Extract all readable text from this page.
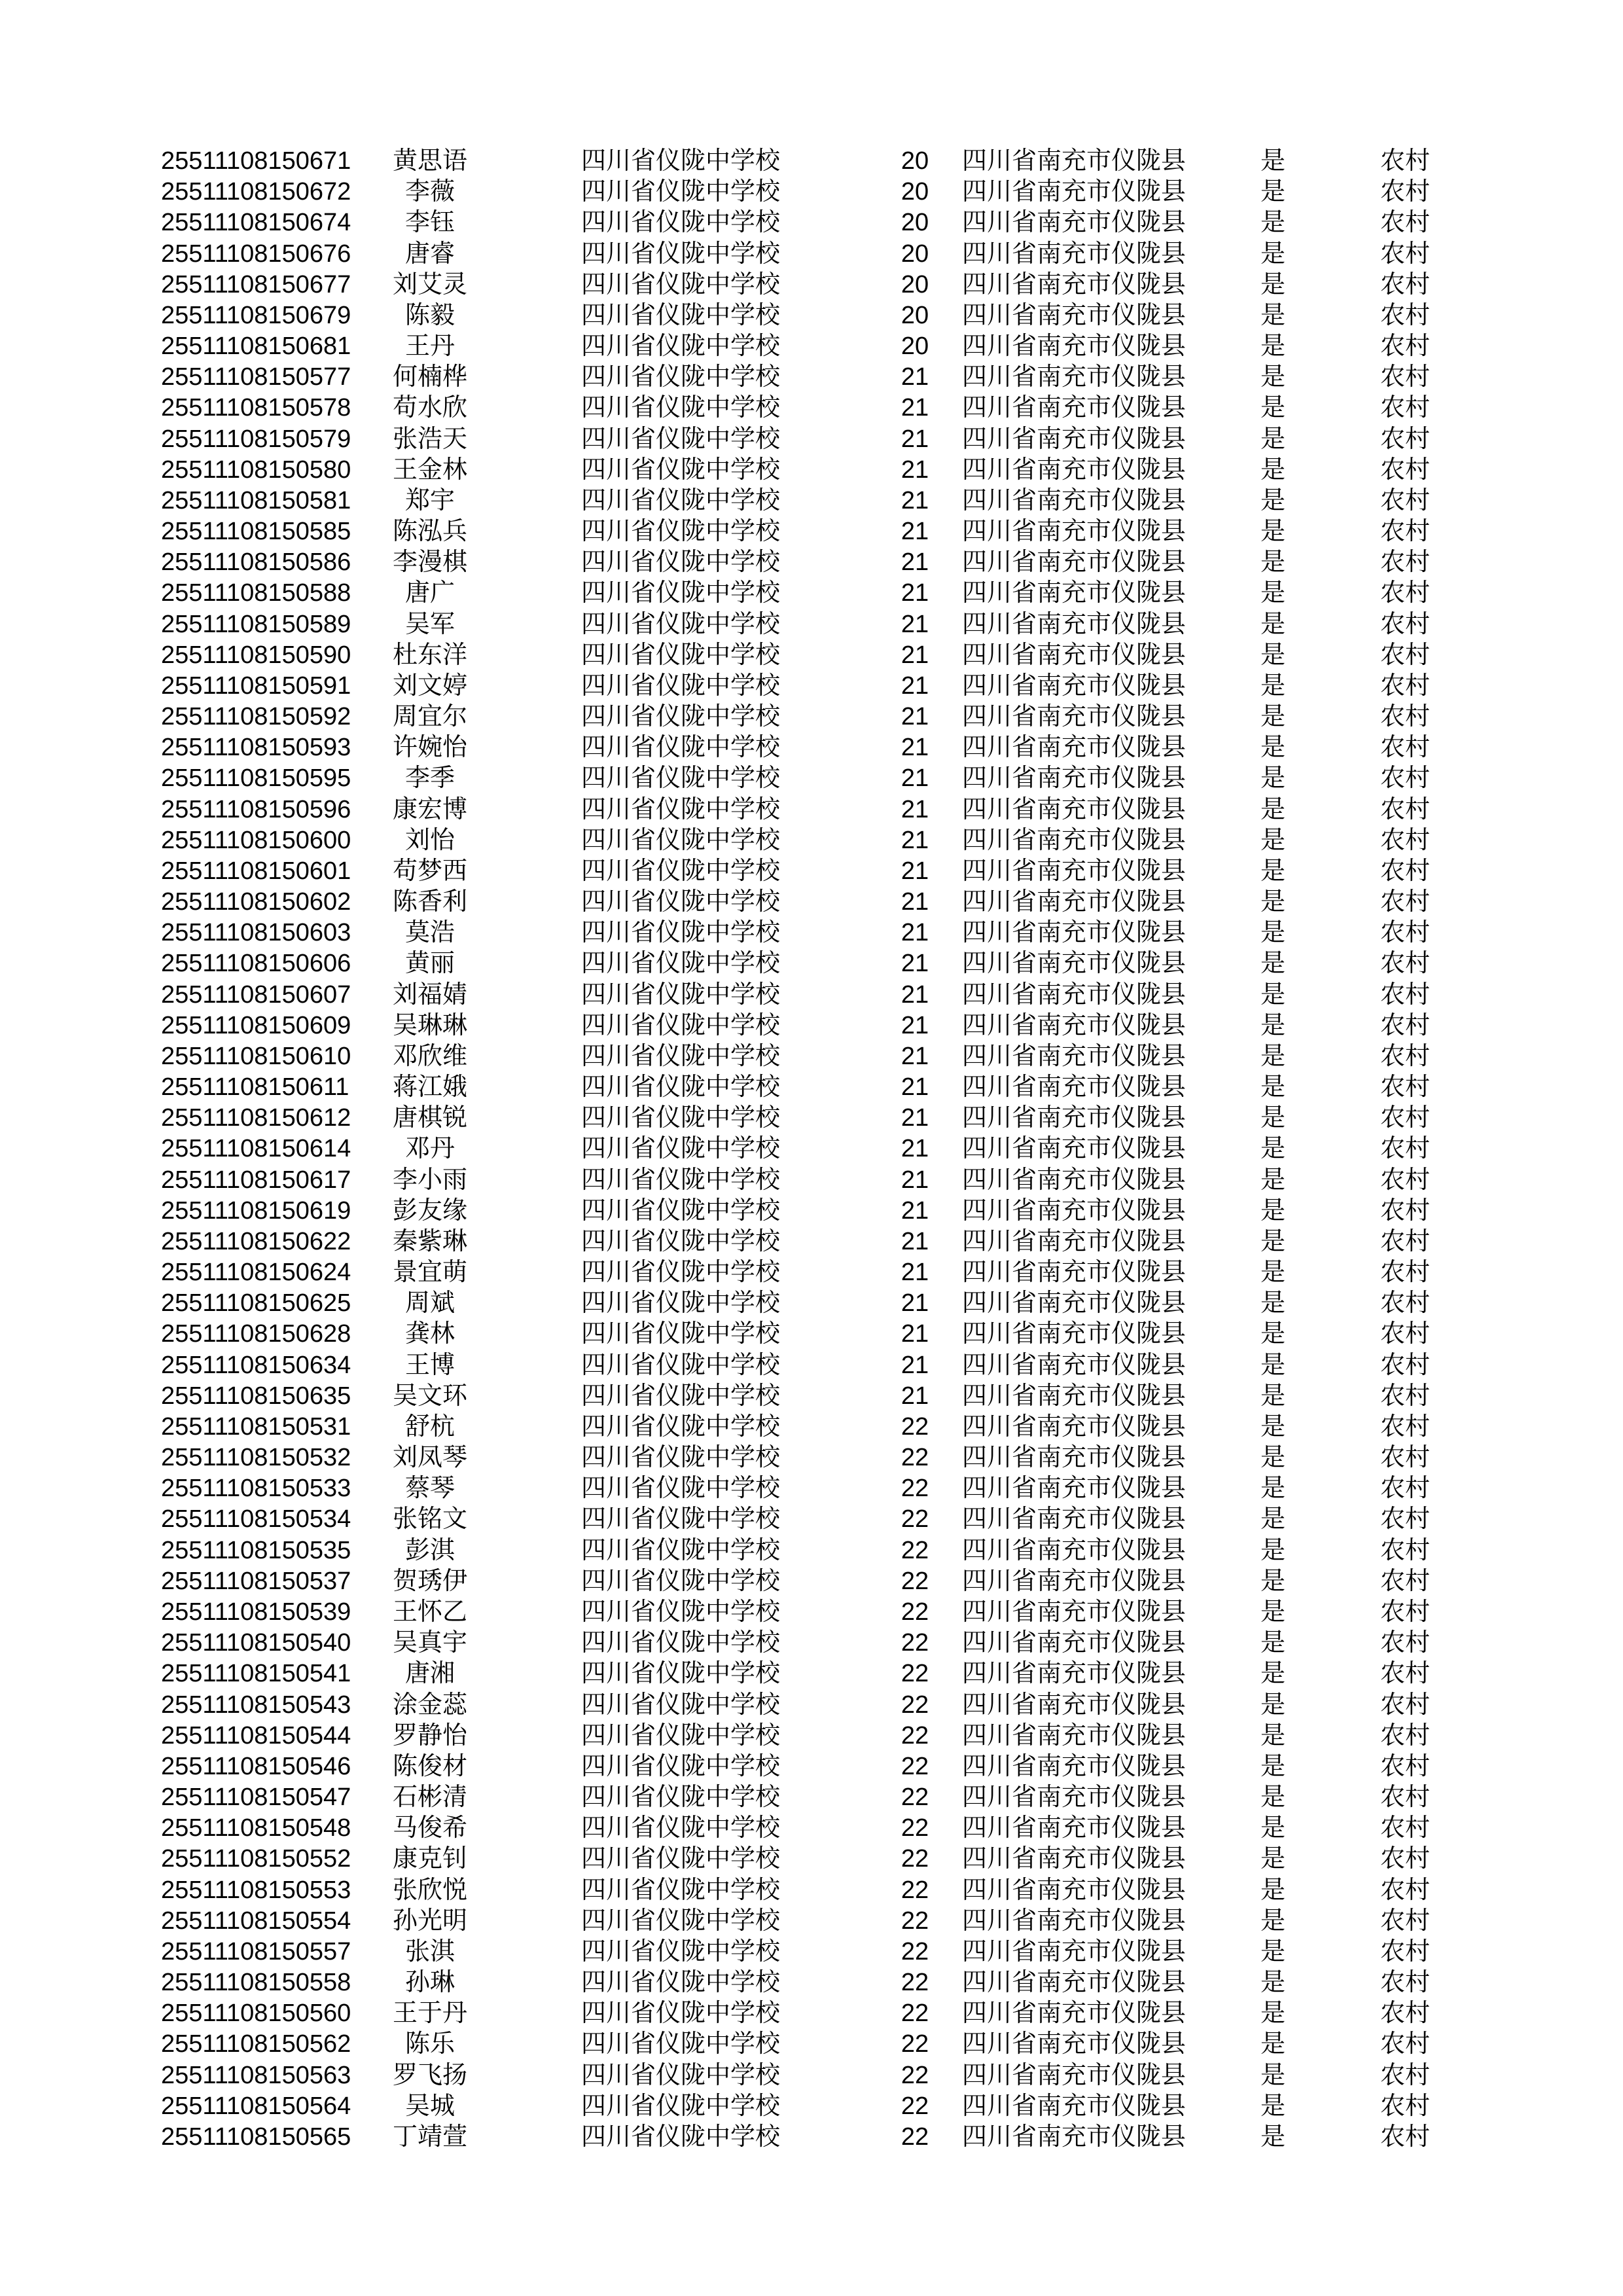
25511108150671	黄思语	四川省仪陇中学校	20	四川省南充市仪陇县	是	农村
25511108150672	李薇	四川省仪陇中学校	20	四川省南充市仪陇县	是	农村
25511108150674	李钰	四川省仪陇中学校	20	四川省南充市仪陇县	是	农村
25511108150676	唐睿	四川省仪陇中学校	20	四川省南充市仪陇县	是	农村
25511108150677	刘艾灵	四川省仪陇中学校	20	四川省南充市仪陇县	是	农村
25511108150679	陈毅	四川省仪陇中学校	20	四川省南充市仪陇县	是	农村
25511108150681	王丹	四川省仪陇中学校	20	四川省南充市仪陇县	是	农村
25511108150577	何楠桦	四川省仪陇中学校	21	四川省南充市仪陇县	是	农村
25511108150578	苟水欣	四川省仪陇中学校	21	四川省南充市仪陇县	是	农村
25511108150579	张浩天	四川省仪陇中学校	21	四川省南充市仪陇县	是	农村
25511108150580	王金林	四川省仪陇中学校	21	四川省南充市仪陇县	是	农村
25511108150581	郑宇	四川省仪陇中学校	21	四川省南充市仪陇县	是	农村
25511108150585	陈泓兵	四川省仪陇中学校	21	四川省南充市仪陇县	是	农村
25511108150586	李漫棋	四川省仪陇中学校	21	四川省南充市仪陇县	是	农村
25511108150588	唐广	四川省仪陇中学校	21	四川省南充市仪陇县	是	农村
25511108150589	吴军	四川省仪陇中学校	21	四川省南充市仪陇县	是	农村
25511108150590	杜东洋	四川省仪陇中学校	21	四川省南充市仪陇县	是	农村
25511108150591	刘文婷	四川省仪陇中学校	21	四川省南充市仪陇县	是	农村
25511108150592	周宜尔	四川省仪陇中学校	21	四川省南充市仪陇县	是	农村
25511108150593	许婉怡	四川省仪陇中学校	21	四川省南充市仪陇县	是	农村
25511108150595	李季	四川省仪陇中学校	21	四川省南充市仪陇县	是	农村
25511108150596	康宏博	四川省仪陇中学校	21	四川省南充市仪陇县	是	农村
25511108150600	刘怡	四川省仪陇中学校	21	四川省南充市仪陇县	是	农村
25511108150601	苟梦西	四川省仪陇中学校	21	四川省南充市仪陇县	是	农村
25511108150602	陈香利	四川省仪陇中学校	21	四川省南充市仪陇县	是	农村
25511108150603	莫浩	四川省仪陇中学校	21	四川省南充市仪陇县	是	农村
25511108150606	黄丽	四川省仪陇中学校	21	四川省南充市仪陇县	是	农村
25511108150607	刘福婧	四川省仪陇中学校	21	四川省南充市仪陇县	是	农村
25511108150609	吴琳琳	四川省仪陇中学校	21	四川省南充市仪陇县	是	农村
25511108150610	邓欣维	四川省仪陇中学校	21	四川省南充市仪陇县	是	农村
25511108150611	蒋江娥	四川省仪陇中学校	21	四川省南充市仪陇县	是	农村
25511108150612	唐棋锐	四川省仪陇中学校	21	四川省南充市仪陇县	是	农村
25511108150614	邓丹	四川省仪陇中学校	21	四川省南充市仪陇县	是	农村
25511108150617	李小雨	四川省仪陇中学校	21	四川省南充市仪陇县	是	农村
25511108150619	彭友缘	四川省仪陇中学校	21	四川省南充市仪陇县	是	农村
25511108150622	秦紫琳	四川省仪陇中学校	21	四川省南充市仪陇县	是	农村
25511108150624	景宜萌	四川省仪陇中学校	21	四川省南充市仪陇县	是	农村
25511108150625	周斌	四川省仪陇中学校	21	四川省南充市仪陇县	是	农村
25511108150628	龚林	四川省仪陇中学校	21	四川省南充市仪陇县	是	农村
25511108150634	王博	四川省仪陇中学校	21	四川省南充市仪陇县	是	农村
25511108150635	吴文环	四川省仪陇中学校	21	四川省南充市仪陇县	是	农村
25511108150531	舒杭	四川省仪陇中学校	22	四川省南充市仪陇县	是	农村
25511108150532	刘凤琴	四川省仪陇中学校	22	四川省南充市仪陇县	是	农村
25511108150533	蔡琴	四川省仪陇中学校	22	四川省南充市仪陇县	是	农村
25511108150534	张铭文	四川省仪陇中学校	22	四川省南充市仪陇县	是	农村
25511108150535	彭淇	四川省仪陇中学校	22	四川省南充市仪陇县	是	农村
25511108150537	贺琇伊	四川省仪陇中学校	22	四川省南充市仪陇县	是	农村
25511108150539	王怀乙	四川省仪陇中学校	22	四川省南充市仪陇县	是	农村
25511108150540	吴真宇	四川省仪陇中学校	22	四川省南充市仪陇县	是	农村
25511108150541	唐湘	四川省仪陇中学校	22	四川省南充市仪陇县	是	农村
25511108150543	涂金蕊	四川省仪陇中学校	22	四川省南充市仪陇县	是	农村
25511108150544	罗静怡	四川省仪陇中学校	22	四川省南充市仪陇县	是	农村
25511108150546	陈俊材	四川省仪陇中学校	22	四川省南充市仪陇县	是	农村
25511108150547	石彬清	四川省仪陇中学校	22	四川省南充市仪陇县	是	农村
25511108150548	马俊希	四川省仪陇中学校	22	四川省南充市仪陇县	是	农村
25511108150552	康克钊	四川省仪陇中学校	22	四川省南充市仪陇县	是	农村
25511108150553	张欣悦	四川省仪陇中学校	22	四川省南充市仪陇县	是	农村
25511108150554	孙光明	四川省仪陇中学校	22	四川省南充市仪陇县	是	农村
25511108150557	张淇	四川省仪陇中学校	22	四川省南充市仪陇县	是	农村
25511108150558	孙琳	四川省仪陇中学校	22	四川省南充市仪陇县	是	农村
25511108150560	王于丹	四川省仪陇中学校	22	四川省南充市仪陇县	是	农村
25511108150562	陈乐	四川省仪陇中学校	22	四川省南充市仪陇县	是	农村
25511108150563	罗飞扬	四川省仪陇中学校	22	四川省南充市仪陇县	是	农村
25511108150564	吴城	四川省仪陇中学校	22	四川省南充市仪陇县	是	农村
25511108150565	丁靖萱	四川省仪陇中学校	22	四川省南充市仪陇县	是	农村
